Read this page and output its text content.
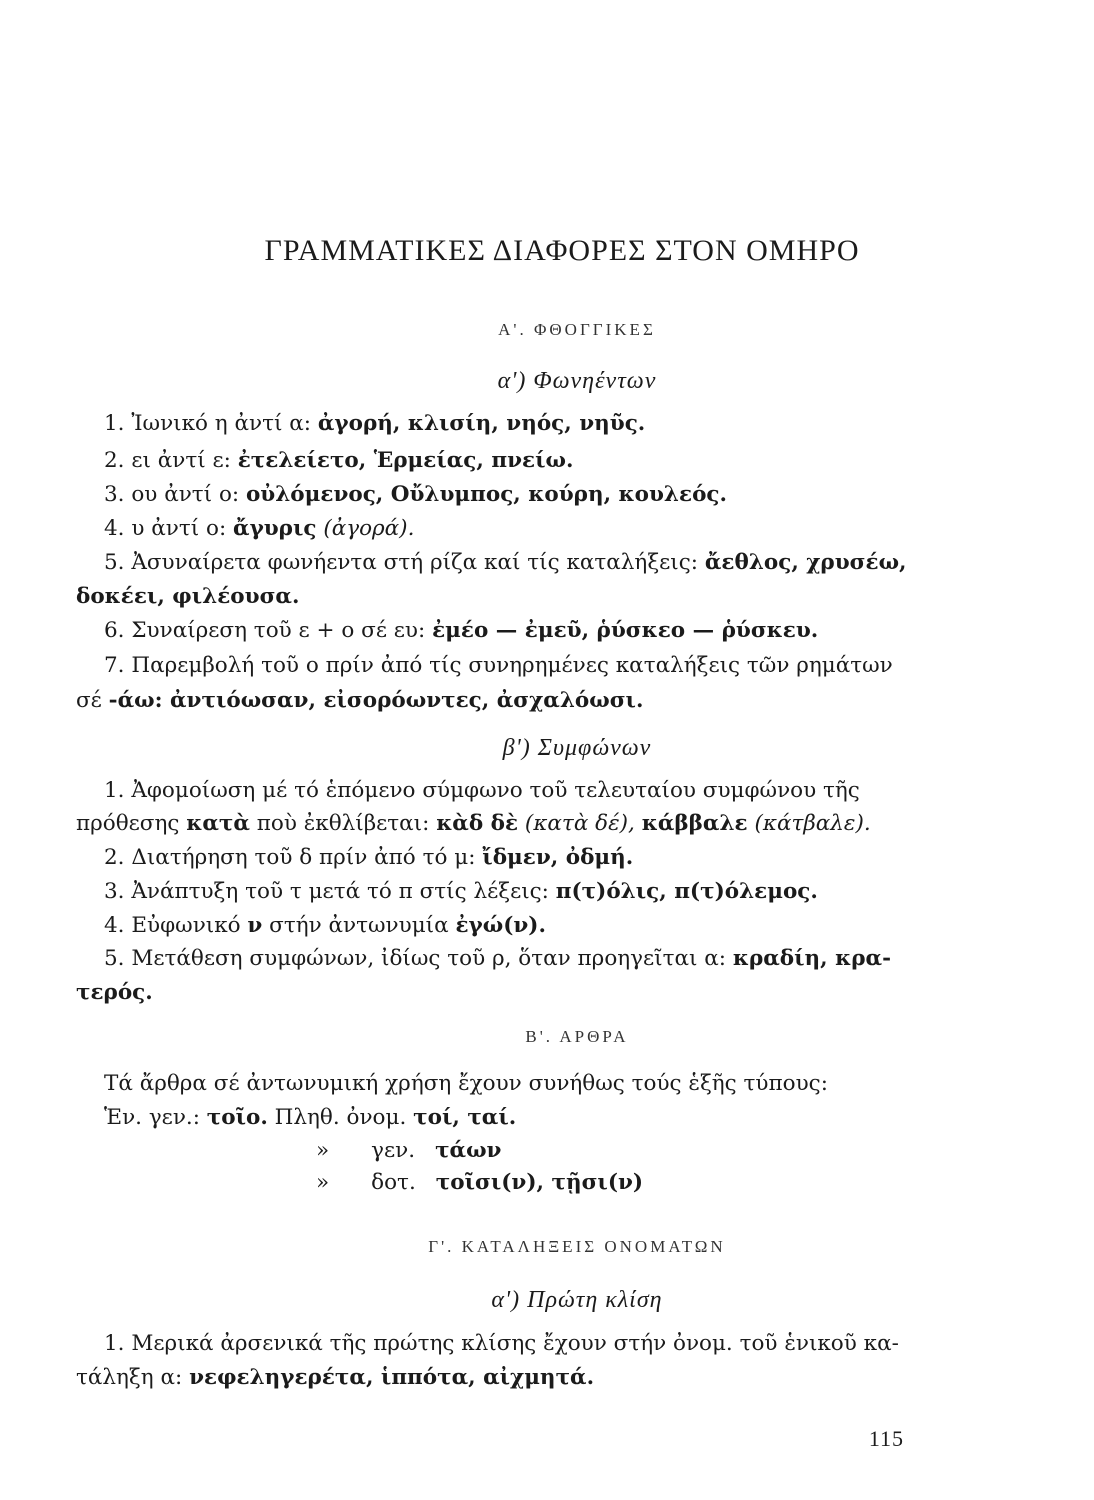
ΓΡΑΜΜΑΤΙΚΕΣ ΔΙΑΦΟΡΕΣ ΣΤΟΝ ΟΜΗΡΟ
Α'. ΦΘΟΓΓΙΚΕΣ
α') Φωνηέντων
1. Ἰωνικό η ἀντί α: ἀγορή, κλισίη, νηός, νηῦς.
2. ει ἀντί ε: ἐτελείετο, Ἑρμείας, πνείω.
3. ου ἀντί ο: οὐλόμενος, Οὔλυμπος, κούρη, κουλεός.
4. υ ἀντί ο: ἄγυρις (ἀγορά).
5. Ἀσυναίρετα φωνήεντα στή ρίζα καί τίς καταλήξεις: ἄεθλος, χρυσέω,
δοκέει, φιλέουσα.
6. Συναίρεση τοῦ ε + ο σέ ευ: ἐμέο — ἐμεῦ, ῥύσκεο — ῥύσκευ.
7. Παρεμβολή τοῦ ο πρίν ἀπό τίς συνηρημένες καταλήξεις τῶν ρημάτων
σέ -άω: ἀντιόωσαν, εἰσορόωντες, ἀσχαλόωσι.
β') Συμφώνων
1. Ἀφομοίωση μέ τό ἑπόμενο σύμφωνο τοῦ τελευταίου συμφώνου τῆς
πρόθεσης κατὰ ποὺ ἐκθλίβεται: κὰδ δὲ (κατὰ δέ), κάββαλε (κάτβαλε).
2. Διατήρηση τοῦ δ πρίν ἀπό τό μ: ἴδμεν, ὀδμή.
3. Ἀνάπτυξη τοῦ τ μετά τό π στίς λέξεις: π(τ)όλις, π(τ)όλεμος.
4. Εὐφωνικό ν στήν ἀντωνυμία ἐγώ(ν).
5. Μετάθεση συμφώνων, ἰδίως τοῦ ρ, ὅταν προηγεῖται α: κραδίη, κρα-
τερός.
Β'. ΑΡΘΡΑ
Τά ἄρθρα σέ ἀντωνυμική χρήση ἔχουν συνήθως τούς ἑξῆς τύπους:
Ἑν. γεν.: τοῖο. Πληθ. ὀνομ. τοί, ταί.
» γεν. τάων
» δοτ. τοῖσι(ν), τῇσι(ν)
Γ'. ΚΑΤΑΛΗΞΕΙΣ ΟΝΟΜΑΤΩΝ
α') Πρώτη κλίση
1. Μερικά ἀρσενικά τῆς πρώτης κλίσης ἔχουν στήν ὀνομ. τοῦ ἑνικοῦ κα-
τάληξη α: νεφεληγερέτα, ἱππότα, αἰχμητά.
115
